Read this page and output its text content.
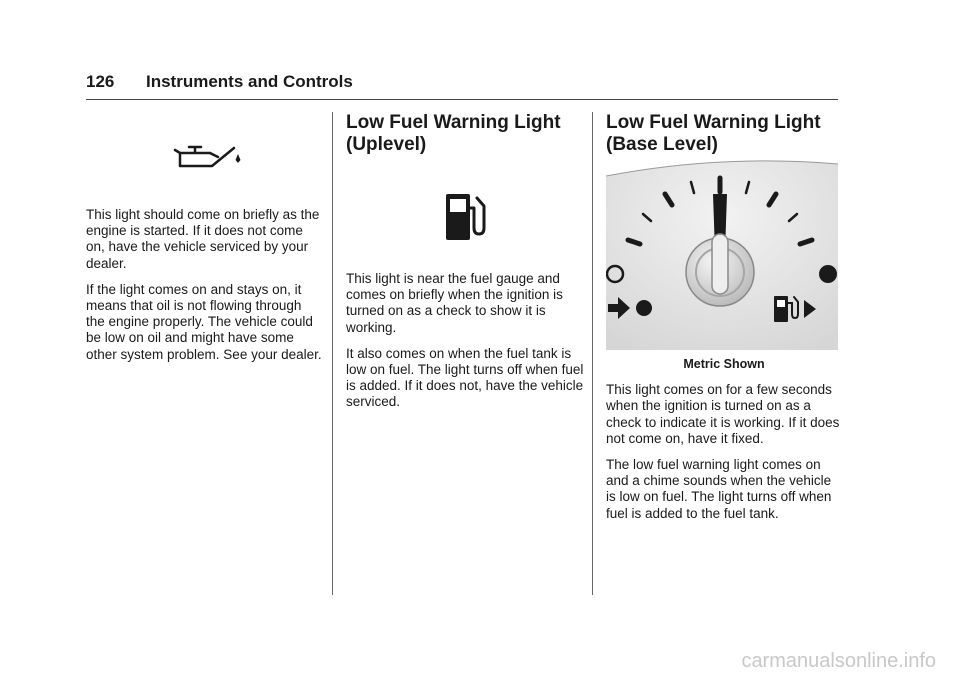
126 Instruments and Controls

This light should come on briefly as the engine is started. If it does not come on, have the vehicle serviced by your dealer.

If the light comes on and stays on, it means that oil is not flowing through the engine properly. The vehicle could be low on oil and might have some other system problem. See your dealer.

Low Fuel Warning Light
(Uplevel)

This light is near the fuel gauge and comes on briefly when the ignition is turned on as a check to show it is working.

It also comes on when the fuel tank is low on fuel. The light turns off when fuel is added. If it does not, have the vehicle serviced.

Low Fuel Warning Light
(Base Level)
Metric Shown

This light comes on for a few seconds when the ignition is turned on as a check to indicate it is working. If it does not come on, have it fixed.

The low fuel warning light comes on and a chime sounds when the vehicle is low on fuel. The light turns off when fuel is added to the fuel tank.

carmanualsonline.info
